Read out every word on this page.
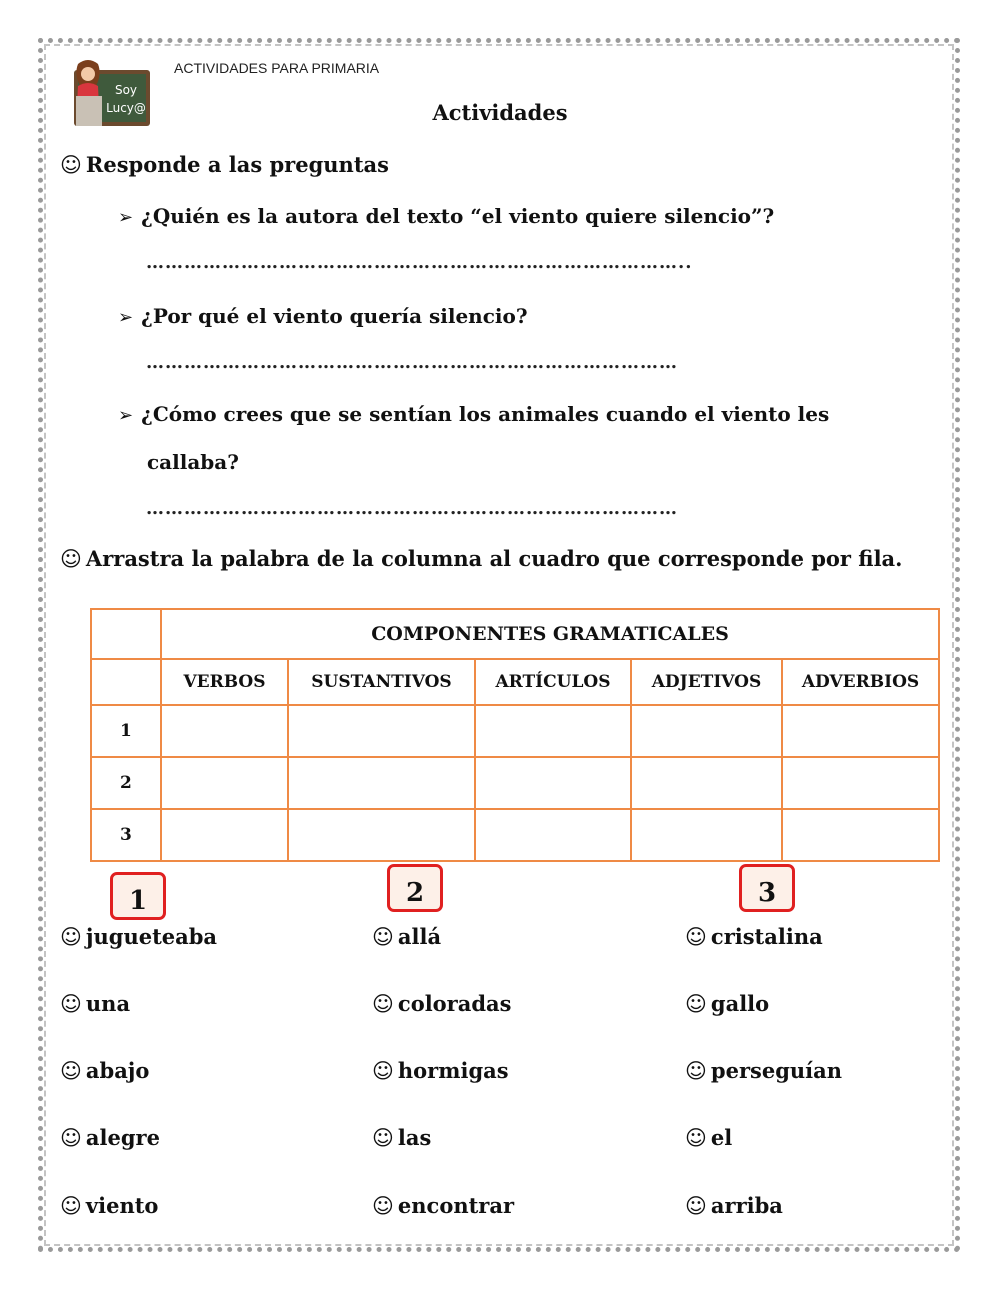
Soy
Lucy@
ACTIVIDADES PARA PRIMARIA
Actividades
☺ Responde a las preguntas
➢ ¿Quién es la autora del texto “el viento quiere silencio”?
…………………………………………………………………………..
➢ ¿Por qué el viento quería silencio?
…………………………………………………………………………
➢ ¿Cómo crees que se sentían los animales cuando el viento les
callaba?
…………………………………………………………………………
☺ Arrastra la palabra de la columna al cuadro que corresponde por fila.
	COMPONENTES GRAMATICALES				
	VERBOS	SUSTANTIVOS	ARTÍCULOS	ADJETIVOS	ADVERBIOS
1					
2					
3					
1	2	3
☺ jugueteaba
☺ una
☺ abajo
☺ alegre
☺ viento
☺ allá
☺ coloradas
☺ hormigas
☺ las
☺ encontrar
☺ cristalina
☺ gallo
☺ perseguían
☺ el
☺ arriba
